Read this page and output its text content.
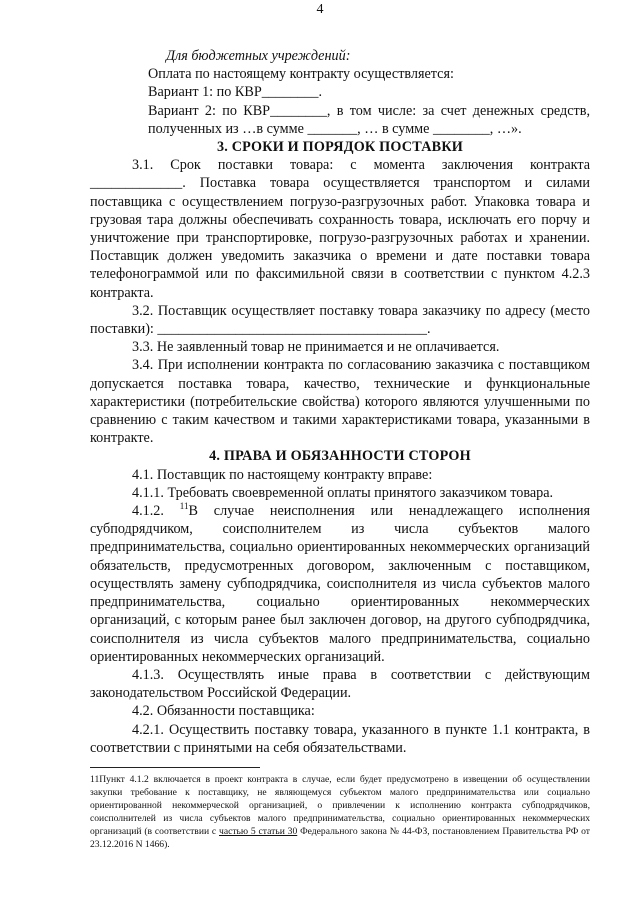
4

Для бюджетных учреждений:

Оплата по настоящему контракту осуществляется:

Вариант 1: по КВР________.

Вариант 2: по КВР________, в том числе: за счет денежных средств, полученных из …в сумме _______, … в сумме ________, …».

3. СРОКИ И ПОРЯДОК ПОСТАВКИ

3.1. Срок поставки товара: с момента заключения контракта _____________. Поставка товара осуществляется транспортом и силами поставщика с осуществлением погрузо-разгрузочных работ. Упаковка товара и грузовая тара должны обеспечивать сохранность товара, исключать его порчу и уничтожение при транспортировке, погрузо-разгрузочных работах и хранении. Поставщик должен уведомить заказчика о времени и дате поставки товара телефонограммой или по факсимильной связи в соответствии с пунктом 4.2.3 контракта.

3.2. Поставщик осуществляет поставку товара заказчику по адресу (место поставки): ______________________________________.

3.3. Не заявленный товар не принимается и не оплачивается.

3.4. При исполнении контракта по согласованию заказчика с поставщиком допускается поставка товара, качество, технические и функциональные характеристики (потребительские свойства) которого являются улучшенными по сравнению с таким качеством и такими характеристиками товара, указанными в контракте.

4. ПРАВА И ОБЯЗАННОСТИ СТОРОН

4.1. Поставщик по настоящему контракту вправе:

4.1.1. Требовать своевременной оплаты принятого заказчиком товара.

4.1.2. $^{11}$В случае неисполнения или ненадлежащего исполнения субподрядчиком, соисполнителем из числа субъектов малого предпринимательства, социально ориентированных некоммерческих организаций обязательств, предусмотренных договором, заключенным с поставщиком, осуществлять замену субподрядчика, соисполнителя из числа субъектов малого предпринимательства, социально ориентированных некоммерческих организаций, с которым ранее был заключен договор, на другого субподрядчика, соисполнителя из числа субъектов малого предпринимательства, социально ориентированных некоммерческих организаций.

4.1.3. Осуществлять иные права в соответствии с действующим законодательством Российской Федерации.

4.2. Обязанности поставщика:

4.2.1. Осуществить поставку товара, указанного в пункте 1.1 контракта, в соответствии с принятыми на себя обязательствами.

11Пункт 4.1.2 включается в проект контракта в случае, если будет предусмотрено в извещении об осуществлении закупки требование к поставщику, не являющемуся субъектом малого предпринимательства или социально ориентированной некоммерческой организацией, о привлечении к исполнению контракта субподрядчиков, соисполнителей из числа субъектов малого предпринимательства, социально ориентированных некоммерческих организаций (в соответствии с частью 5 статьи 30 Федерального закона № 44-ФЗ, постановлением Правительства РФ от 23.12.2016 N 1466).
